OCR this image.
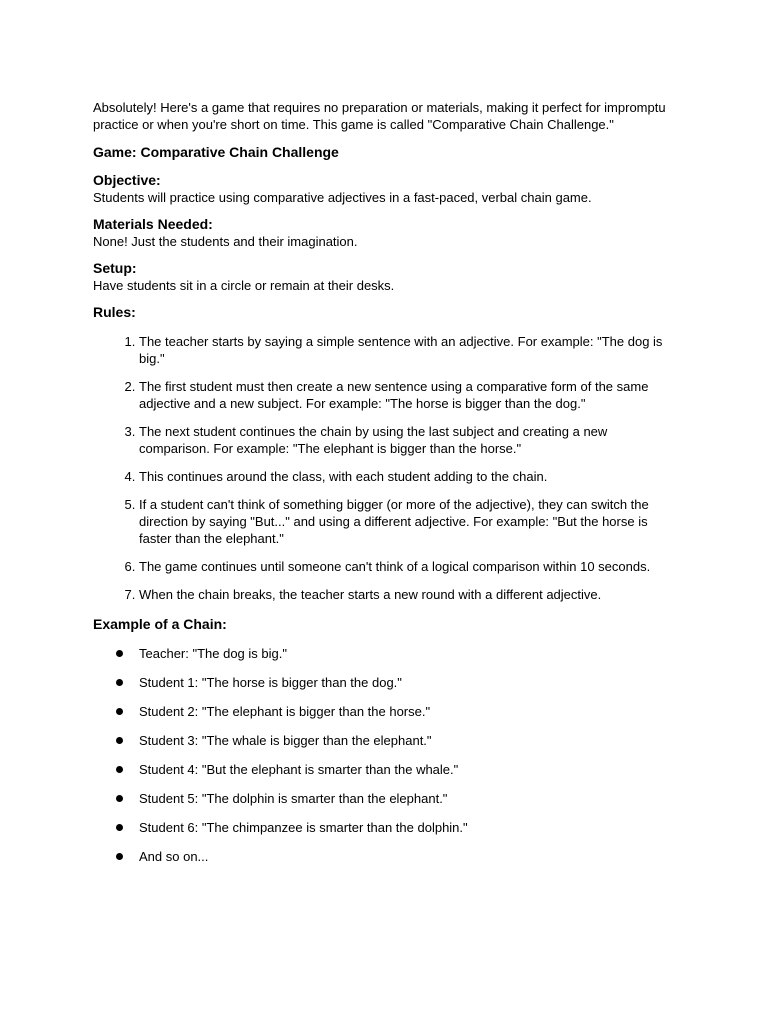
Absolutely! Here's a game that requires no preparation or materials, making it perfect for impromptu practice or when you're short on time. This game is called "Comparative Chain Challenge."

Game: Comparative Chain Challenge

Objective:

Students will practice using comparative adjectives in a fast-paced, verbal chain game.

Materials Needed:

None! Just the students and their imagination.

Setup:

Have students sit in a circle or remain at their desks.

Rules:

1. The teacher starts by saying a simple sentence with an adjective. For example: "The dog is big."
2. The first student must then create a new sentence using a comparative form of the same adjective and a new subject. For example: "The horse is bigger than the dog."
3. The next student continues the chain by using the last subject and creating a new comparison. For example: "The elephant is bigger than the horse."
4. This continues around the class, with each student adding to the chain.
5. If a student can't think of something bigger (or more of the adjective), they can switch the direction by saying "But..." and using a different adjective. For example: "But the horse is faster than the elephant."
6. The game continues until someone can't think of a logical comparison within 10 seconds.
7. When the chain breaks, the teacher starts a new round with a different adjective.

Example of a Chain:

Teacher: "The dog is big."
Student 1: "The horse is bigger than the dog."
Student 2: "The elephant is bigger than the horse."
Student 3: "The whale is bigger than the elephant."
Student 4: "But the elephant is smarter than the whale."
Student 5: "The dolphin is smarter than the elephant."
Student 6: "The chimpanzee is smarter than the dolphin."
And so on...
